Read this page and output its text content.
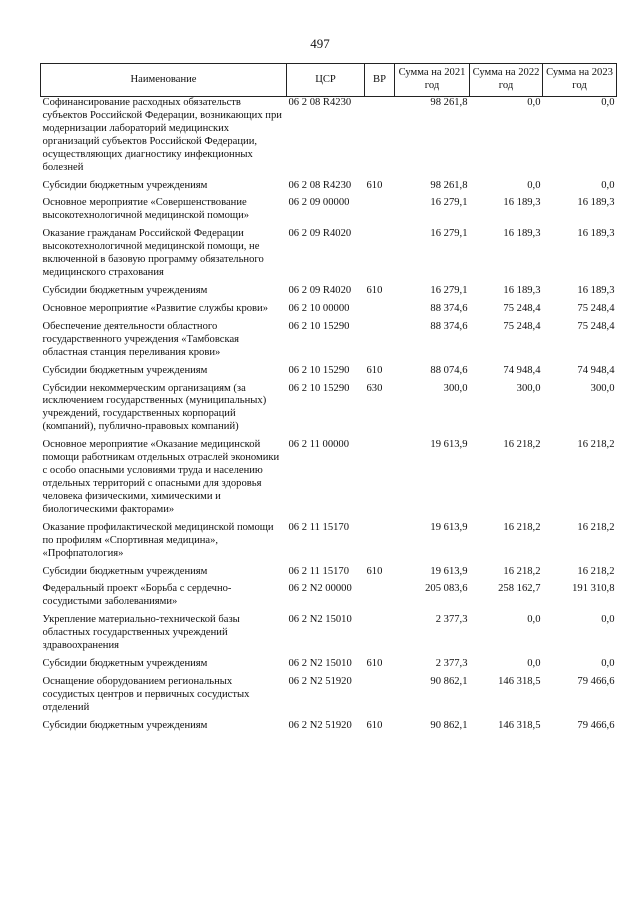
497
Наименование	ЦСР	ВР	Сумма на 2021 год	Сумма на 2022 год	Сумма на 2023 год
Софинансирование расходных обязательств субъектов Российской Федерации, возникающих при модернизации лабораторий медицинских организаций субъектов Российской Федерации, осуществляющих диагностику инфекционных болезней	06 2 08 R4230		98 261,8	0,0	0,0
Субсидии бюджетным учреждениям	06 2 08 R4230	610	98 261,8	0,0	0,0
Основное мероприятие «Совершенствование высокотехнологичной медицинской помощи»	06 2 09 00000		16 279,1	16 189,3	16 189,3
Оказание гражданам Российской Федерации высокотехнологичной медицинской помощи, не включенной в базовую программу обязательного медицинского страхования	06 2 09 R4020		16 279,1	16 189,3	16 189,3
Субсидии бюджетным учреждениям	06 2 09 R4020	610	16 279,1	16 189,3	16 189,3
Основное мероприятие «Развитие службы крови»	06 2 10 00000		88 374,6	75 248,4	75 248,4
Обеспечение деятельности областного государственного учреждения «Тамбовская областная станция переливания крови»	06 2 10 15290		88 374,6	75 248,4	75 248,4
Субсидии бюджетным учреждениям	06 2 10 15290	610	88 074,6	74 948,4	74 948,4
Субсидии некоммерческим организациям (за исключением государственных (муниципальных) учреждений, государственных корпораций (компаний), публично-правовых компаний)	06 2 10 15290	630	300,0	300,0	300,0
Основное мероприятие «Оказание медицинской помощи работникам отдельных отраслей экономики с особо опасными условиями труда и населению отдельных территорий с опасными для здоровья человека физическими, химическими и биологическими факторами»	06 2 11 00000		19 613,9	16 218,2	16 218,2
Оказание профилактической медицинской помощи по профилям «Спортивная медицина», «Профпатология»	06 2 11 15170		19 613,9	16 218,2	16 218,2
Субсидии бюджетным учреждениям	06 2 11 15170	610	19 613,9	16 218,2	16 218,2
Федеральный проект «Борьба с сердечно-сосудистыми заболеваниями»	06 2 N2 00000		205 083,6	258 162,7	191 310,8
Укрепление материально-технической базы областных государственных учреждений здравоохранения	06 2 N2 15010		2 377,3	0,0	0,0
Субсидии бюджетным учреждениям	06 2 N2 15010	610	2 377,3	0,0	0,0
Оснащение оборудованием региональных сосудистых центров и первичных сосудистых отделений	06 2 N2 51920		90 862,1	146 318,5	79 466,6
Субсидии бюджетным учреждениям	06 2 N2 51920	610	90 862,1	146 318,5	79 466,6
